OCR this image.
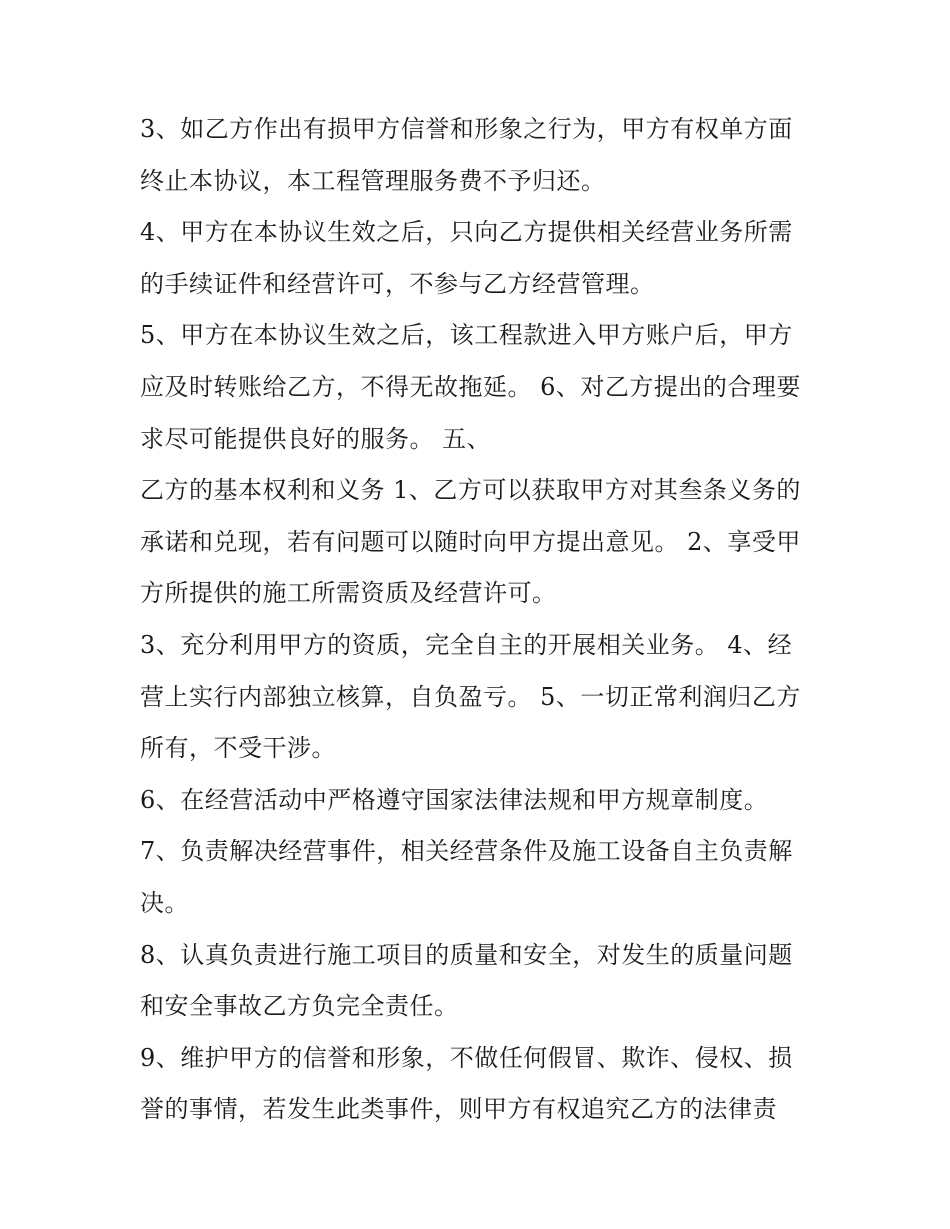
3、如乙方作出有损甲方信誉和形象之行为，甲方有权单方面
终止本协议，本工程管理服务费不予归还。
4、甲方在本协议生效之后，只向乙方提供相关经营业务所需
的手续证件和经营许可，不参与乙方经营管理。
5、甲方在本协议生效之后，该工程款进入甲方账户后，甲方
应及时转账给乙方，不得无故拖延。 6、对乙方提出的合理要
求尽可能提供良好的服务。 五、
乙方的基本权利和义务 1、乙方可以获取甲方对其叁条义务的
承诺和兑现，若有问题可以随时向甲方提出意见。 2、享受甲
方所提供的施工所需资质及经营许可。
3、充分利用甲方的资质，完全自主的开展相关业务。 4、经
营上实行内部独立核算，自负盈亏。 5、一切正常利润归乙方
所有，不受干涉。
6、在经营活动中严格遵守国家法律法规和甲方规章制度。
7、负责解决经营事件，相关经营条件及施工设备自主负责解
决。
8、认真负责进行施工项目的质量和安全，对发生的质量问题
和安全事故乙方负完全责任。
9、维护甲方的信誉和形象，不做任何假冒、欺诈、侵权、损
誉的事情，若发生此类事件，则甲方有权追究乙方的法律责
